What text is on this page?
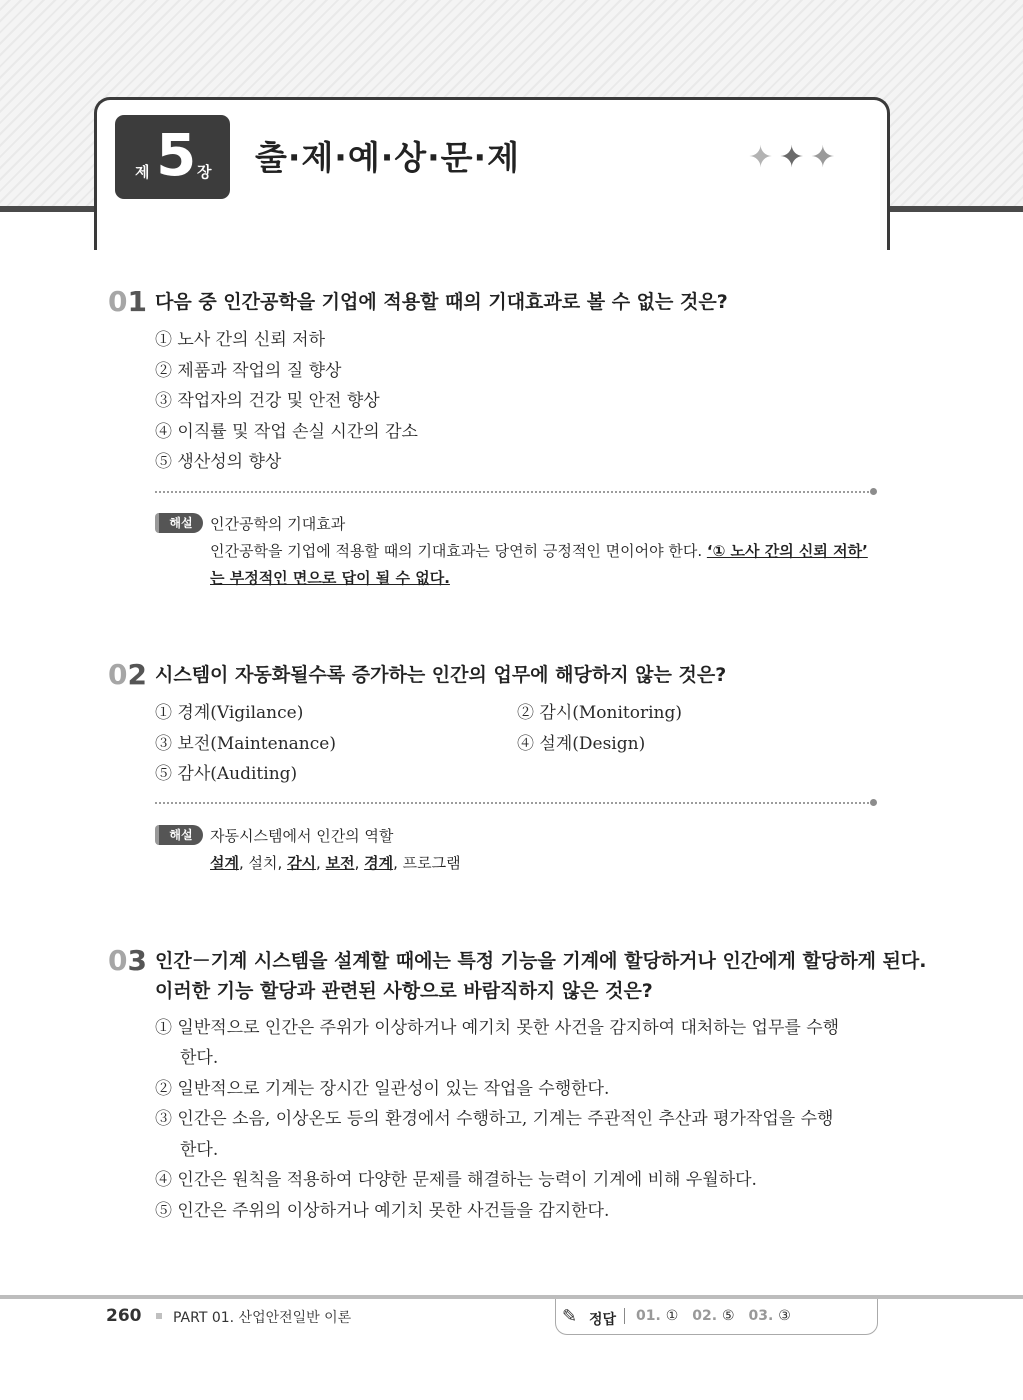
제 5 장 출·제·예·상·문·제	✦✦✦
01 다음 중 인간공학을 기업에 적용할 때의 기대효과로 볼 수 없는 것은?
① 노사 간의 신뢰 저하
② 제품과 작업의 질 향상
③ 작업자의 건강 및 안전 향상
④ 이직률 및 작업 손실 시간의 감소
⑤ 생산성의 향상
해설	인간공학의 기대효과
인간공학을 기업에 적용할 때의 기대효과는 당연히 긍정적인 면이어야 한다. ‘① 노사 간의 신뢰 저하’
는 부정적인 면으로 답이 될 수 없다.
02 시스템이 자동화될수록 증가하는 인간의 업무에 해당하지 않는 것은?
① 경계(Vigilance)	② 감시(Monitoring)
③ 보전(Maintenance)	④ 설계(Design)
⑤ 감사(Auditing)
해설	자동시스템에서 인간의 역할
설계, 설치, 감시, 보전, 경계, 프로그램
03 인간－기계 시스템을 설계할 때에는 특정 기능을 기계에 할당하거나 인간에게 할당하게 된다.
이러한 기능 할당과 관련된 사항으로 바람직하지 않은 것은?
① 일반적으로 인간은 주위가 이상하거나 예기치 못한 사건을 감지하여 대처하는 업무를 수행
한다.
② 일반적으로 기계는 장시간 일관성이 있는 작업을 수행한다.
③ 인간은 소음, 이상온도 등의 환경에서 수행하고, 기계는 주관적인 추산과 평가작업을 수행
한다.
④ 인간은 원칙을 적용하여 다양한 문제를 해결하는 능력이 기계에 비해 우월하다.
⑤ 인간은 주위의 이상하거나 예기치 못한 사건들을 감지한다.
260 PART 01. 산업안전일반 이론	✎ 정답 01. ① 02. ⑤ 03. ③
